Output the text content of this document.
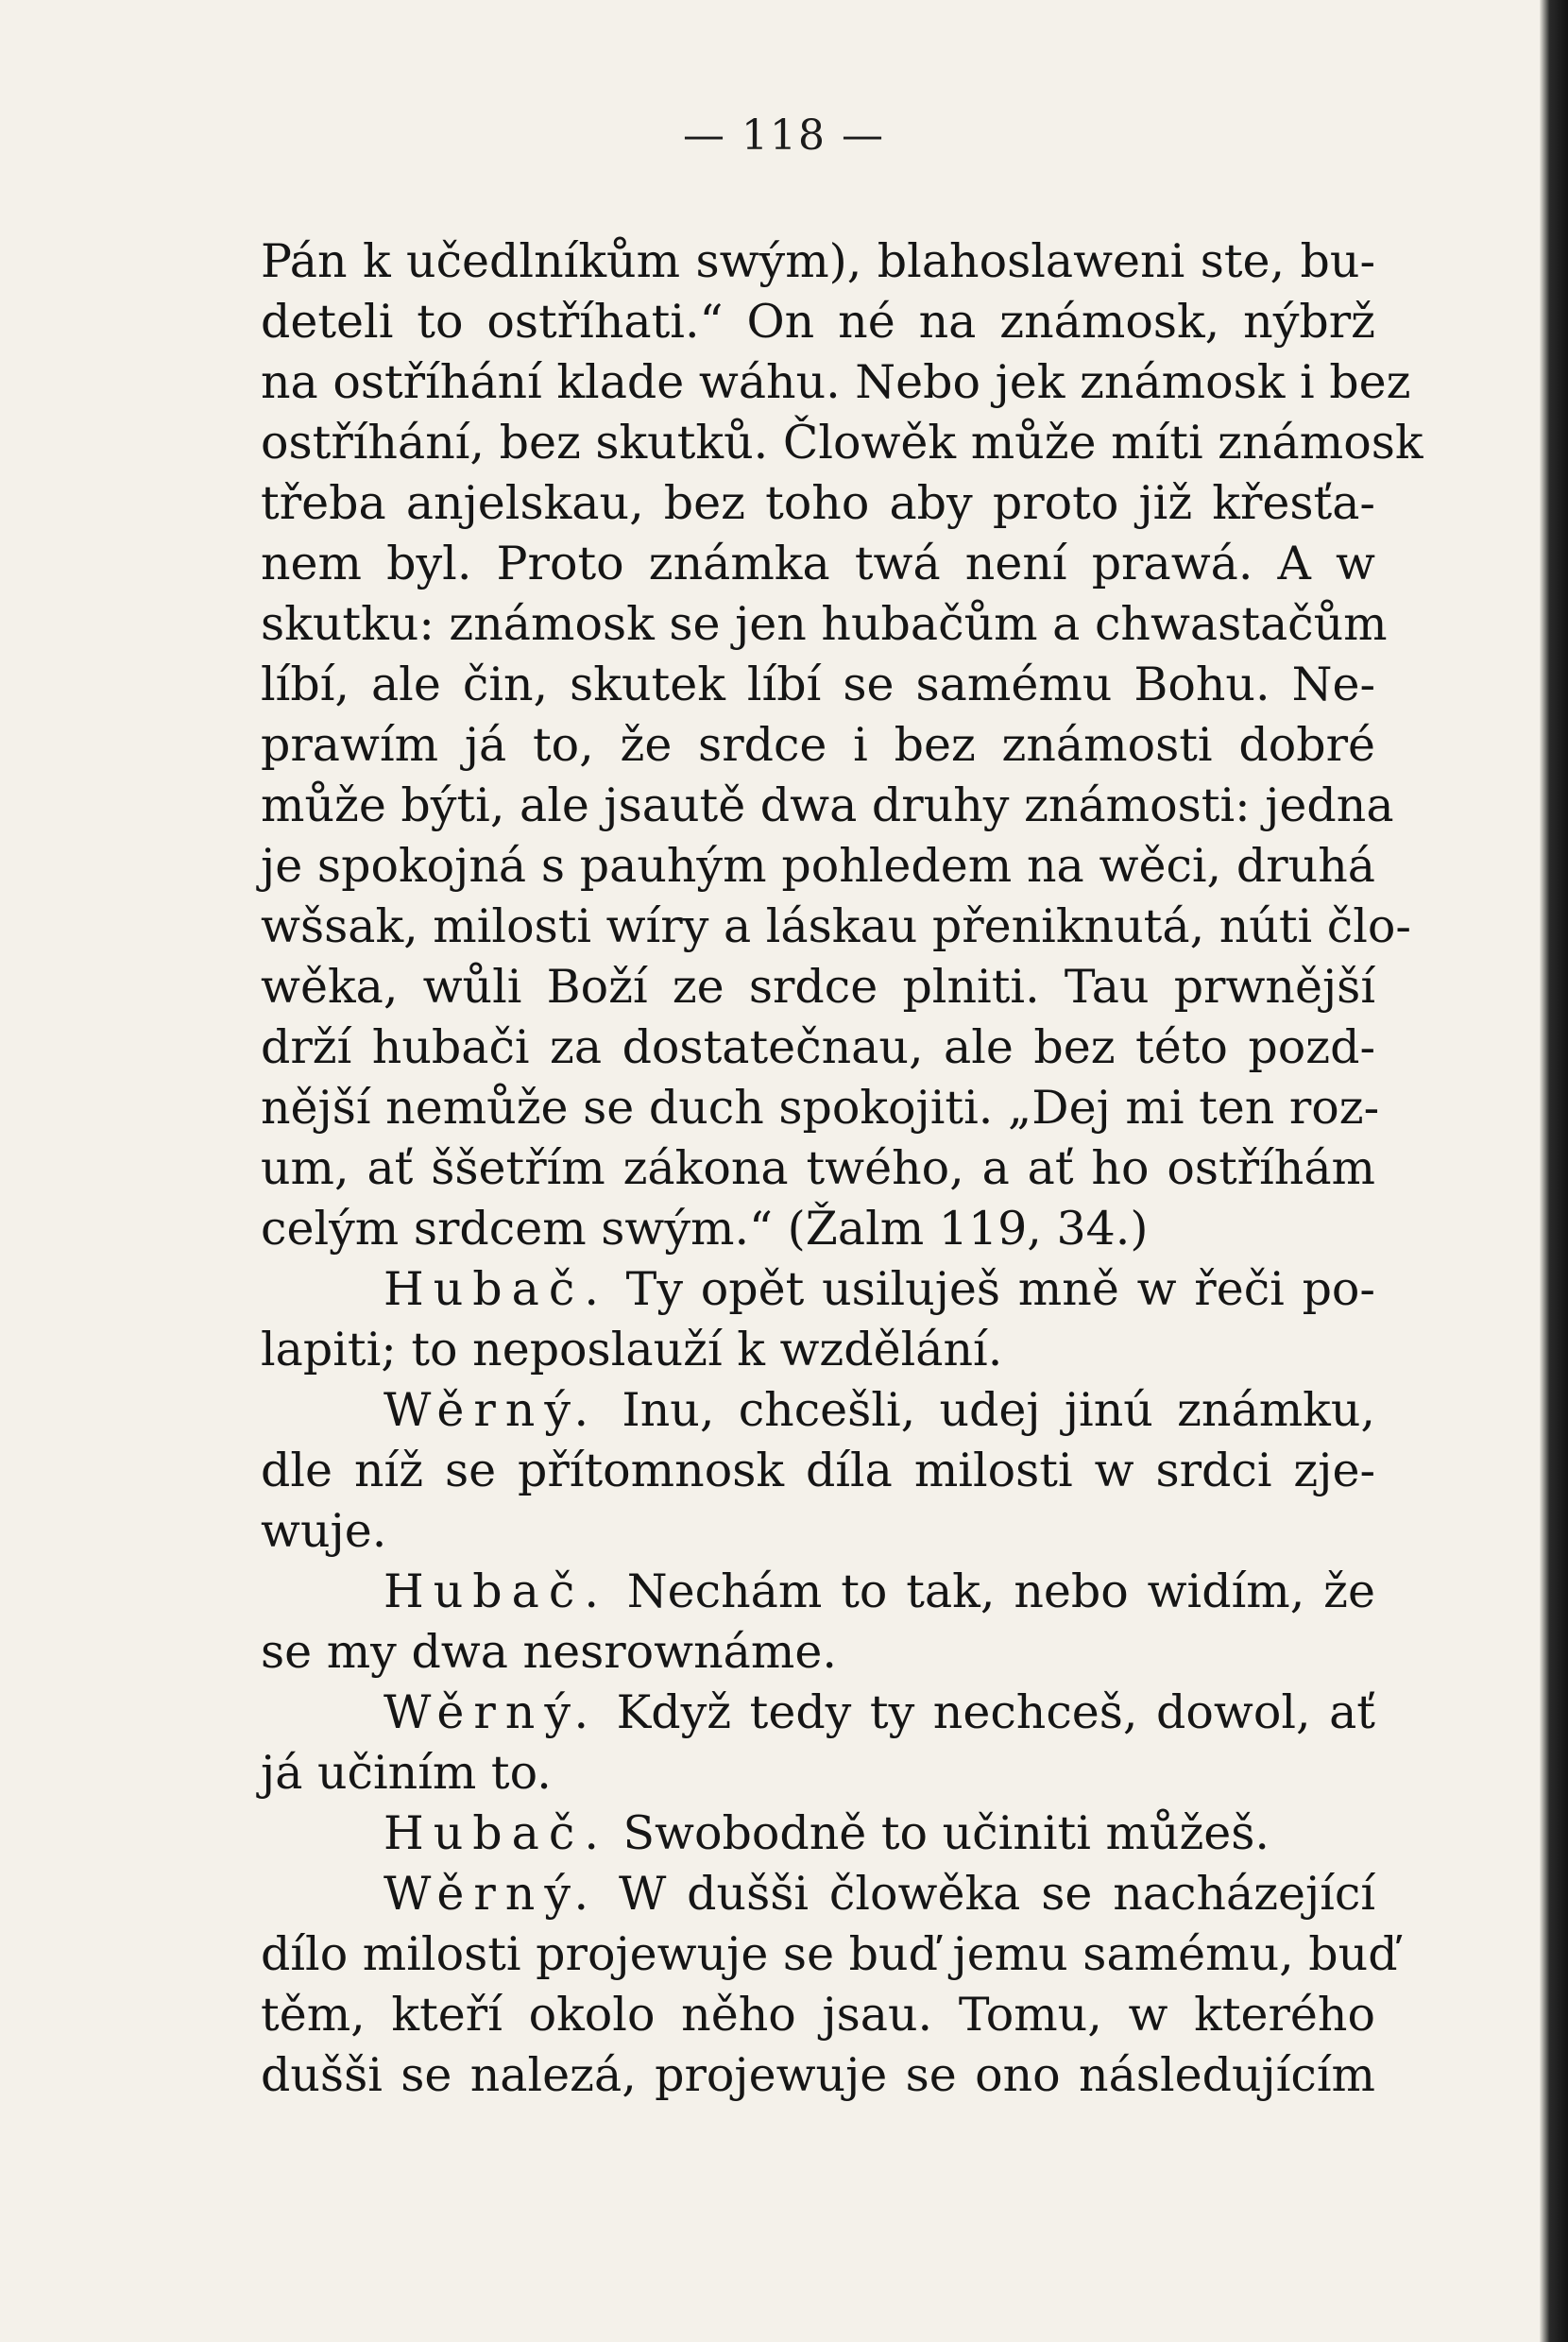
— 118 —
Pán k učedlníkům swým), blahoslaweni ste, bu-
deteli to ostříhati.“ On né na známosk, nýbrž
na ostříhání klade wáhu. Nebo jek známosk i bez
ostříhání, bez skutků. Člowěk může míti známosk
třeba anjelskau, bez toho aby proto již křesťa-
nem byl. Proto známka twá není prawá. A w
skutku: známosk se jen hubačům a chwastačům
líbí, ale čin, skutek líbí se samému Bohu. Ne-
prawím já to, že srdce i bez známosti dobré
může býti, ale jsautě dwa druhy známosti: jedna
je spokojná s pauhým pohledem na wěci, druhá
wšsak, milosti wíry a láskau přeniknutá, núti člo-
wěka, wůli Boží ze srdce plniti. Tau prwnější
drží hubači za dostatečnau, ale bez této pozd-
nější nemůže se duch spokojiti. „Dej mi ten roz-
um, ať ššetřím zákona twého, a ať ho ostříhám
celým srdcem swým.“ (Žalm 119, 34.)
Hubač. Ty opět usiluješ mně w řeči po-
lapiti; to neposlauží k wzdělání.
Wěrný. Inu, chcešli, udej jinú známku,
dle níž se přítomnosk díla milosti w srdci zje-
wuje.
Hubač. Nechám to tak, nebo widím, že
se my dwa nesrownáme.
Wěrný. Když tedy ty nechceš, dowol, ať
já učiním to.
Hubač. Swobodně to učiniti můžeš.
Wěrný. W dušši člowěka se nacházející
dílo milosti projewuje se buď jemu samému, buď
těm, kteří okolo něho jsau. Tomu, w kterého
dušši se nalezá, projewuje se ono následujícím
